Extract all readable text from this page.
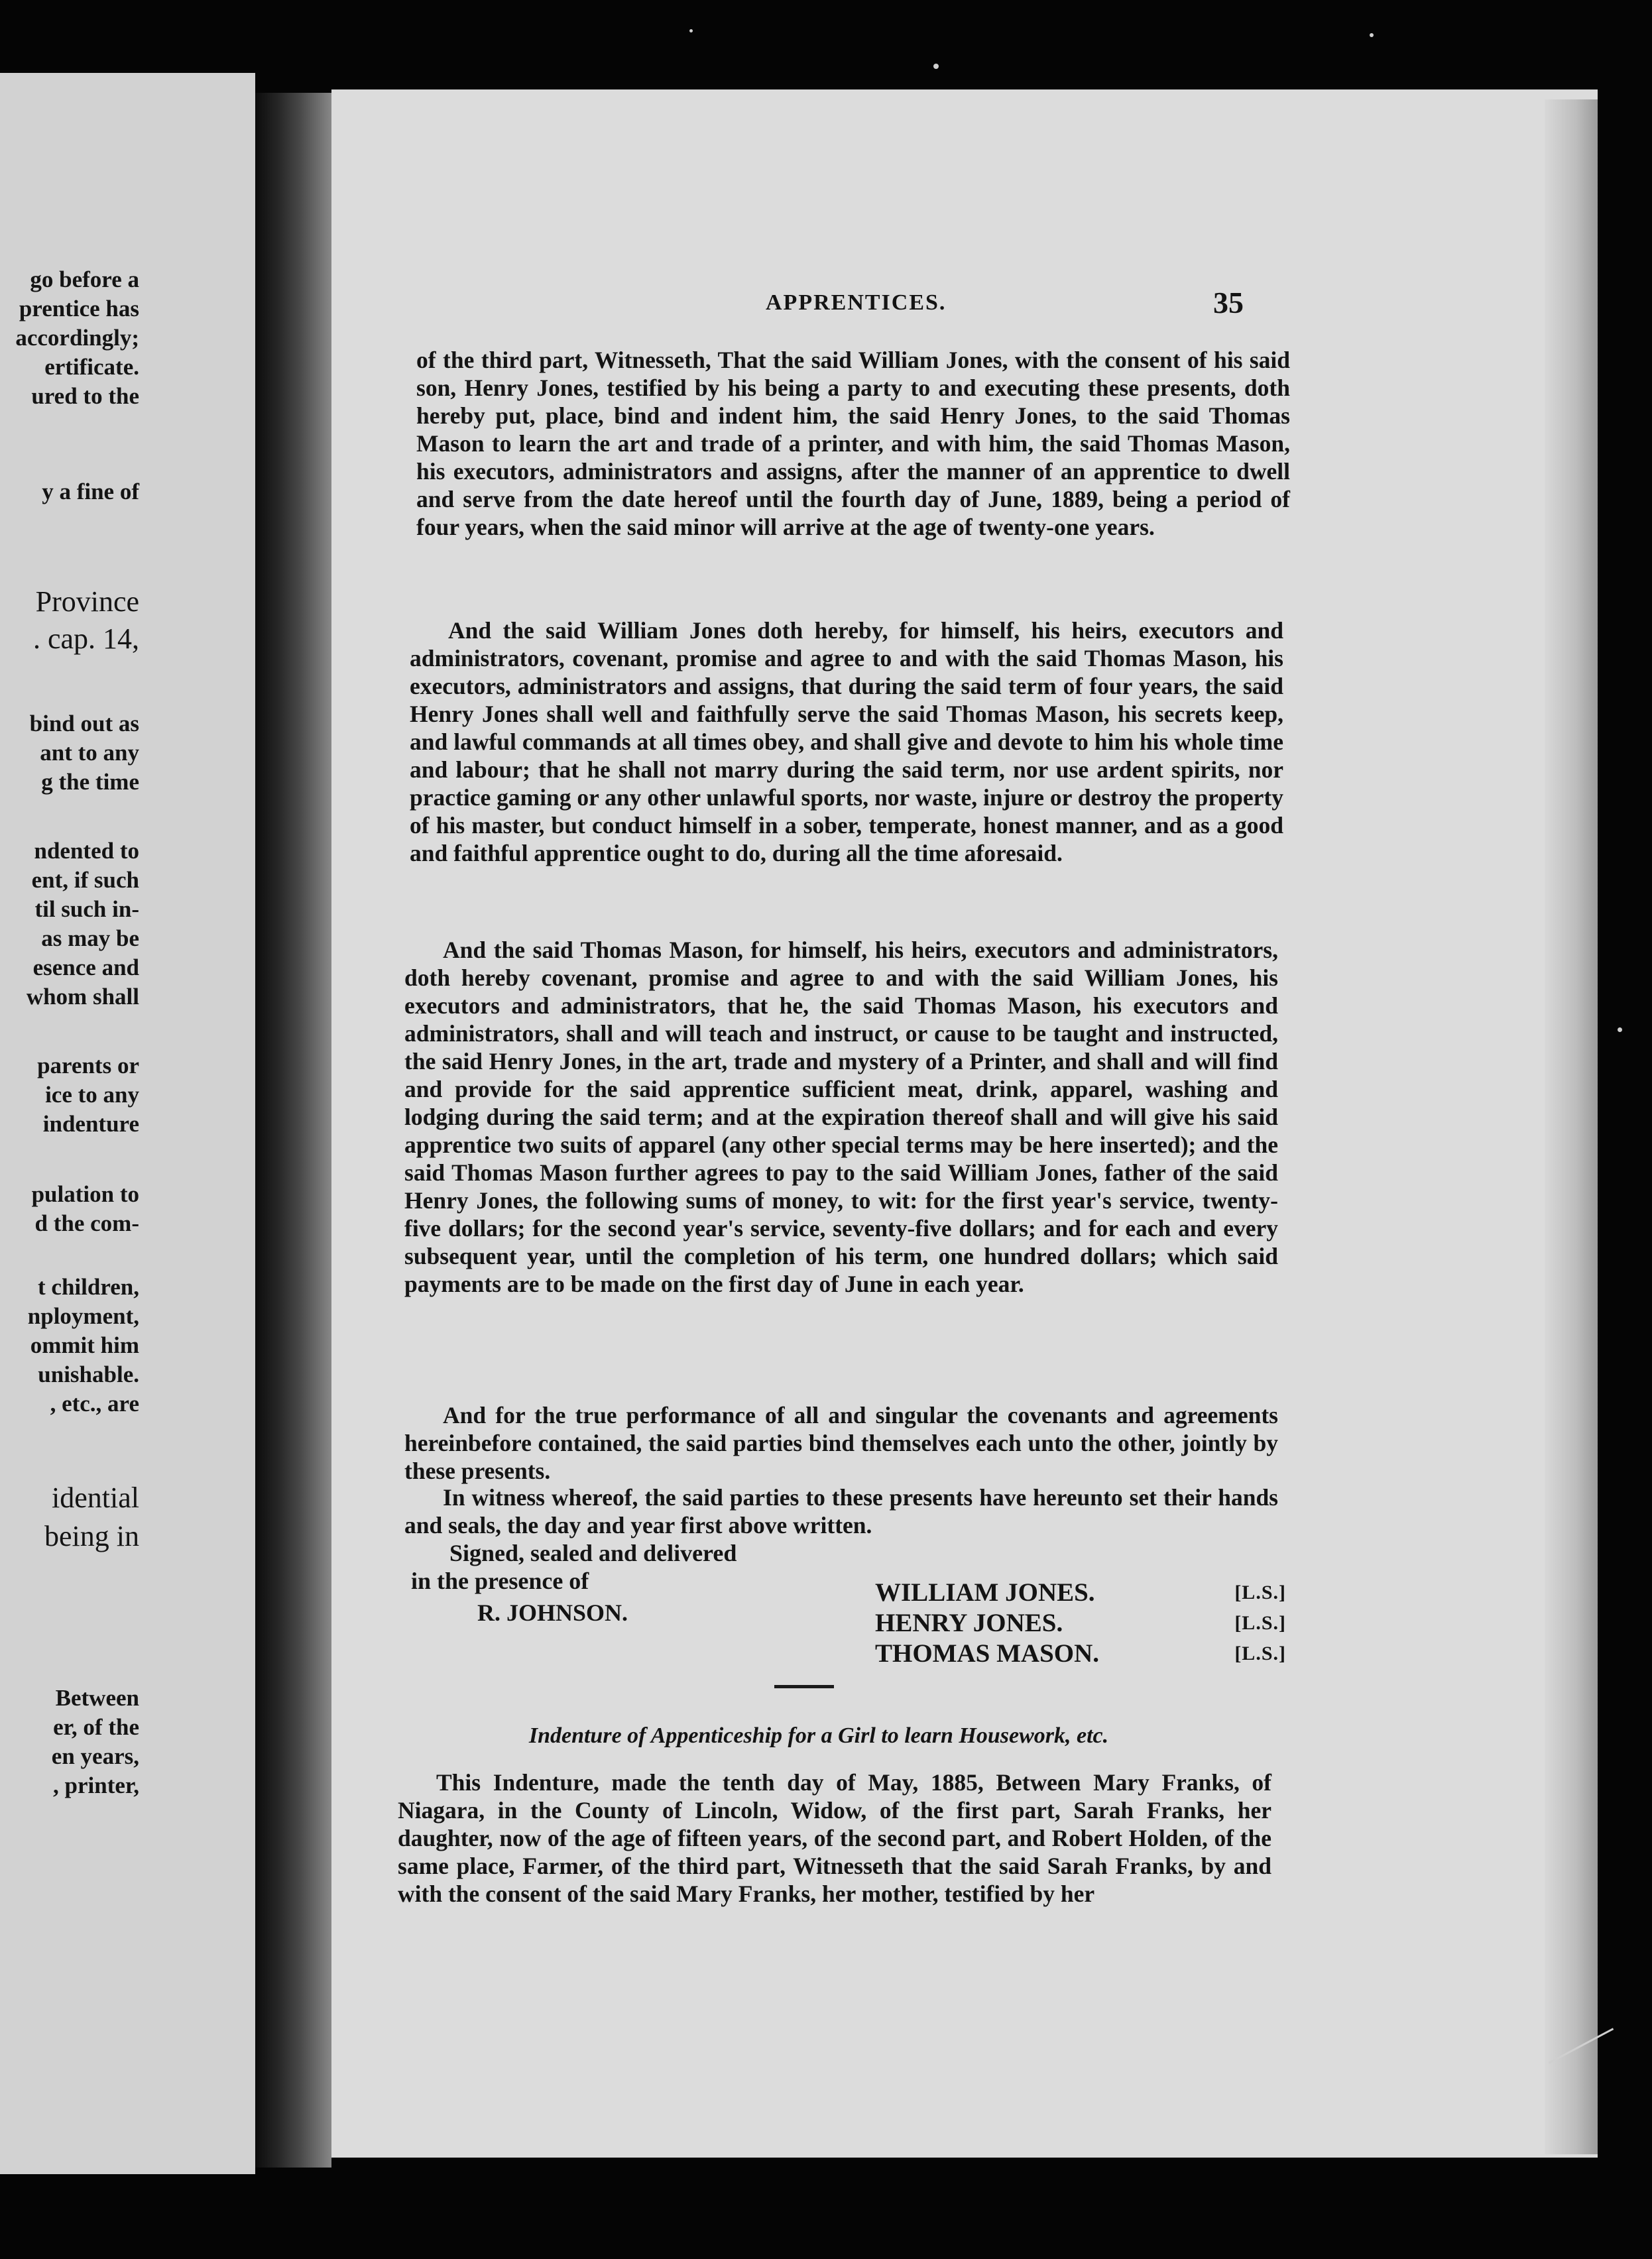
go before a
prentice has
accordingly;
ertificate.
ured to the
y a fine of
Province
. cap. 14,
bind out as
ant to any
g the time
ndented to
ent, if such
til such in-
as may be
esence and
whom shall
parents or
ice to any
indenture
pulation to
d the com-
t children,
nployment,
ommit him
unishable.
, etc., are
idential
being in
Between
er, of the
en years,
, printer,
APPRENTICES.	35

of the third part, Witnesseth, That the said William Jones, with the consent of his said son, Henry Jones, testified by his being a party to and executing these presents, doth hereby put, place, bind and indent him, the said Henry Jones, to the said Thomas Mason to learn the art and trade of a printer, and with him, the said Thomas Mason, his executors, administrators and assigns, after the manner of an apprentice to dwell and serve from the date hereof until the fourth day of June, 1889, being a period of four years, when the said minor will arrive at the age of twenty-one years.

And the said William Jones doth hereby, for himself, his heirs, executors and administrators, covenant, promise and agree to and with the said Thomas Mason, his executors, administrators and assigns, that during the said term of four years, the said Henry Jones shall well and faithfully serve the said Thomas Mason, his secrets keep, and lawful commands at all times obey, and shall give and devote to him his whole time and labour; that he shall not marry during the said term, nor use ardent spirits, nor practice gaming or any other unlawful sports, nor waste, injure or destroy the property of his master, but conduct himself in a sober, temperate, honest manner, and as a good and faithful apprentice ought to do, during all the time aforesaid.

And the said Thomas Mason, for himself, his heirs, executors and administrators, doth hereby covenant, promise and agree to and with the said William Jones, his executors and administrators, that he, the said Thomas Mason, his executors and administrators, shall and will teach and instruct, or cause to be taught and instructed, the said Henry Jones, in the art, trade and mystery of a Printer, and shall and will find and provide for the said apprentice sufficient meat, drink, apparel, washing and lodging during the said term; and at the expiration thereof shall and will give his said apprentice two suits of apparel (any other special terms may be here inserted); and the said Thomas Mason further agrees to pay to the said William Jones, father of the said Henry Jones, the following sums of money, to wit: for the first year's service, twenty-five dollars; for the second year's service, seventy-five dollars; and for each and every subsequent year, until the completion of his term, one hundred dollars; which said payments are to be made on the first day of June in each year.

And for the true performance of all and singular the covenants and agreements hereinbefore contained, the said parties bind themselves each unto the other, jointly by these presents.

In witness whereof, the said parties to these presents have hereunto set their hands and seals, the day and year first above written.

Signed, sealed and delivered
in the presence of
R. JOHNSON.
WILLIAM JONES.	[L.S.]
HENRY JONES.	[L.S.]
THOMAS MASON.	[L.S.]
Indenture of Appenticeship for a Girl to learn Housework, etc.

This Indenture, made the tenth day of May, 1885, Between Mary Franks, of Niagara, in the County of Lincoln, Widow, of the first part, Sarah Franks, her daughter, now of the age of fifteen years, of the second part, and Robert Holden, of the same place, Farmer, of the third part, Witnesseth that the said Sarah Franks, by and with the consent of the said Mary Franks, her mother, testified by her
